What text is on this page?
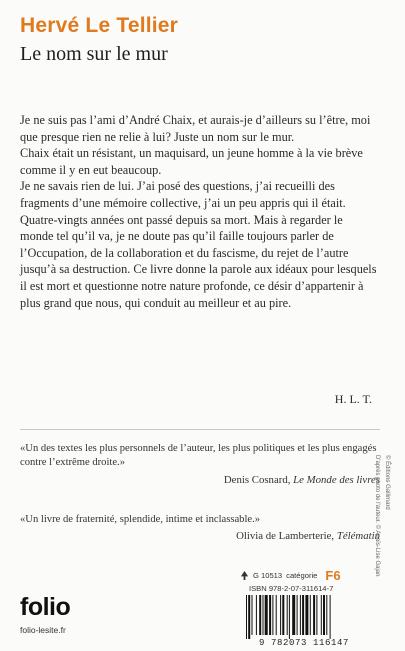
Hervé Le Tellier
Le nom sur le mur

Je ne suis pas l’ami d’André Chaix, et aurais-je d’ailleurs su l’être, moi que presque rien ne relie à lui? Juste un nom sur le mur.

Chaix était un résistant, un maquisard, un jeune homme à la vie brève comme il y en eut beaucoup.

Je ne savais rien de lui. J’ai posé des questions, j’ai recueilli des fragments d’une mémoire collective, j’ai un peu appris qui il était.

Quatre-vingts années ont passé depuis sa mort. Mais à regarder le monde tel qu’il va, je ne doute pas qu’il faille toujours parler de l’Occupation, de la collaboration et du fascisme, du rejet de l’autre jusqu’à sa destruction. Ce livre donne la parole aux idéaux pour lesquels il est mort et questionne notre nature profonde, ce désir d’appartenir à plus grand que nous, qui conduit au meilleur et au pire.

H. L. T.
«Un des textes les plus personnels de l’auteur, les plus politiques et les plus engagés contre l’extrême droite.»
Denis Cosnard, Le Monde des livres
«Un livre de fraternité, splendide, intime et inclassable.»
Olivia de Lamberterie, Télématin
G 10513 catégorie F6
ISBN 978-2-07-311614-7
9 782073 116147
folio
folio-lesite.fr
D'après photo de l'auteur. © Anaïs-Lise Gajan © Éditions Gallimard
